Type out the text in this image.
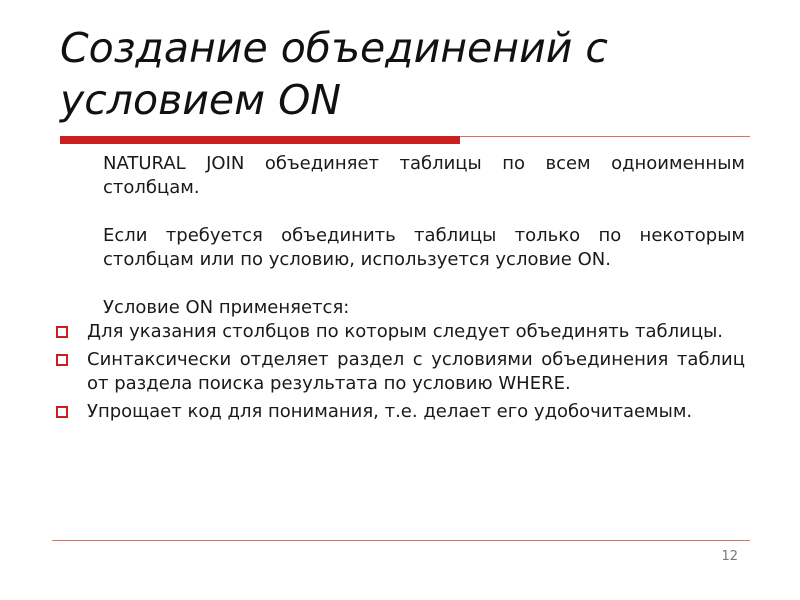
Создание объединений с условием ON

NATURAL JOIN объединяет таблицы по всем одноименным столбцам.

Если требуется объединить таблицы только по некоторым столбцам или по условию, используется условие ON.

Условие ON применяется:

Для указания столбцов по которым следует объединять таблицы.
Синтаксически отделяет раздел с условиями объединения таблиц от раздела поиска результата по условию WHERE.
Упрощает код для понимания, т.е. делает его удобочитаемым.
12
